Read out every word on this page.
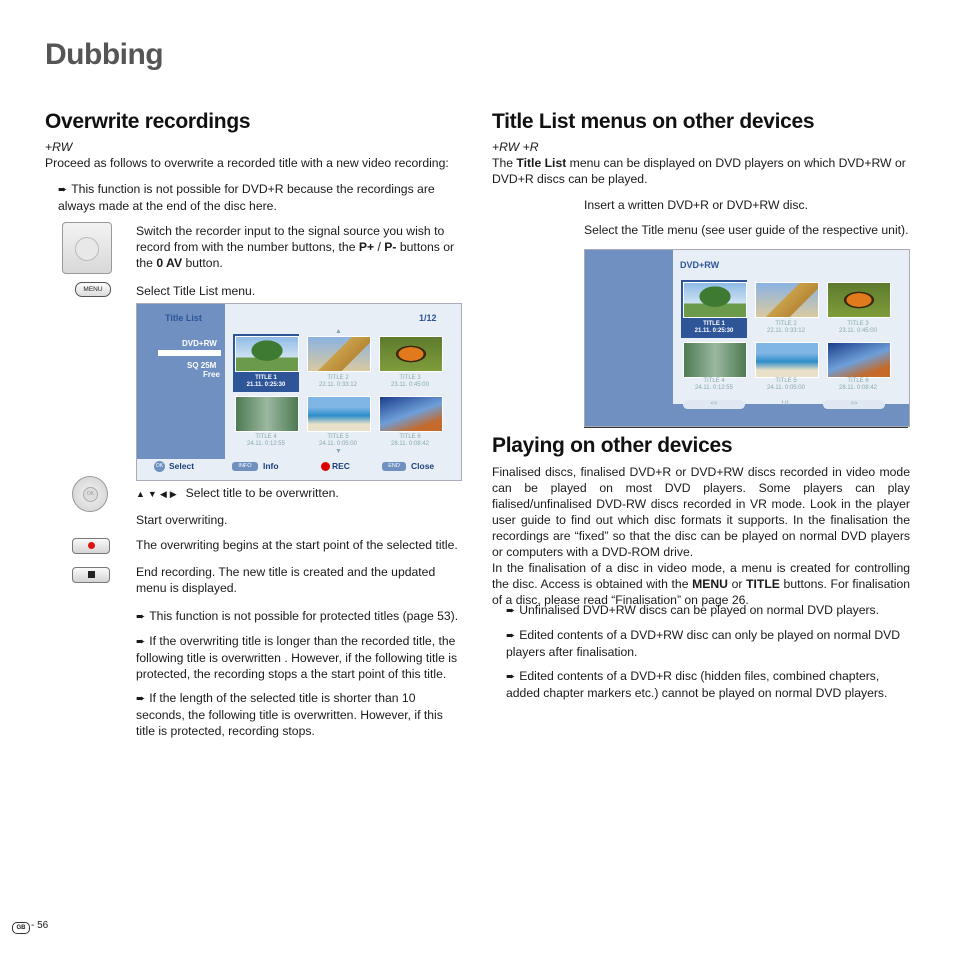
Dubbing
Overwrite recordings
+RW
Proceed as follows to overwrite a recorded title with a new video recording:
➨ This function is not possible for DVD+R because the recordings are always made at the end of the disc here.
Switch the recorder input to the signal source you wish to record from with the number buttons, the P+ / P- buttons or the 0 AV button.
MENU	Select Title List menu.
Title List	1/12
DVD+RW
SQ 25M
Free
▲
▼
TITLE 1
21.11. 0:25:30
TITLE 2
22.11. 0:33:12
TITLE 3
23.11. 0:45:00
TITLE 4
24.11. 0:12:55
TITLE 5
24.11. 0:05:00
TITLE 6
28.11. 0:08:42
OK Select	INFO	Info	REC	END	Close
OK	▲▼◀▶ Select title to be overwritten.
Start overwriting.
The overwriting begins at the start point of the selected title.
End recording. The new title is created and the updated menu is displayed.
➨ This function is not possible for protected titles (page 53).
➨ If the overwriting title is longer than the recorded title, the following title is overwritten . However, if the following title is protected, the recording stops a the start point of this title.
➨ If the length of the selected title is shorter than 10 seconds, the following title is overwritten. However, if this title is protected, recording stops.
Title List menus on other devices
+RW +R
The Title List menu can be displayed on DVD players on which DVD+RW or DVD+R discs can be played.
Insert a written DVD+R or DVD+RW disc.
Select the Title menu (see user guide of the respective unit).
DVD+RW
TITLE 1
21.11. 0:25:30
TITLE 2
22.11. 0:33:12
TITLE 3
23.11. 0:45:00
TITLE 4
24.11. 0:12:55
TITLE 5
24.11. 0:05:00
TITLE 6
28.11. 0:08:42
<<	1/1	>>
Playing on other devices
Finalised discs, finalised DVD+R or DVD+RW discs recorded in video mode can be played on most DVD players. Some players can play fialised/unfinalised DVD-RW discs recorded in VR mode. Look in the player user guide to find out which disc formats it supports. In the finalisation the recordings are “fixed” so that the disc can be played on normal DVD players or computers with a DVD-ROM drive.
In the finalisation of a disc in video mode, a menu is created for controlling the disc. Access is obtained with the MENU or TITLE buttons. For finalisation of a disc, please read “Finalisation” on page 26.
➨ Unfinalised DVD+RW discs can be played on normal DVD players.
➨ Edited contents of a DVD+RW disc can only be played on normal DVD players after finalisation.
➨ Edited contents of a DVD+R disc (hidden files, combined chapters, added chapter markers etc.) cannot be played on normal DVD players.
GB - 56
